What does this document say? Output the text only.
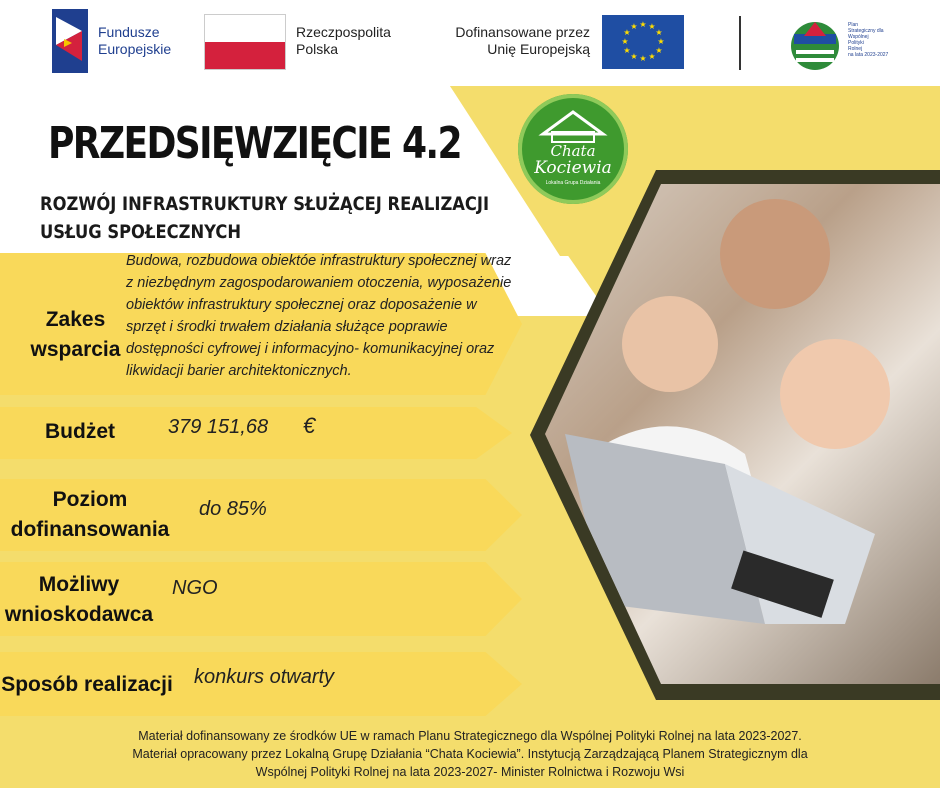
Fundusze
Europejskie
Rzeczpospolita
Polska
Dofinansowane przez
Unię Europejską
★ ★
★
★
★
★
★
★
★
★
★
★	Plan
Strategiczny dla
Wspólnej
Polityki
Rolnej
na lata 2023-2027
Chata
Kociewia
Lokalna Grupa Działania
PRZEDSIĘWZIĘCIE 4.2
ROZWÓJ INFRASTRUKTURY SŁUŻĄCEJ REALIZACJI USŁUG SPOŁECZNYCH
Zakes
wsparcia
Budowa, rozbudowa obiektóe infrastruktury społecznej wraz z niezbędnym zagospodarowaniem otoczenia, wyposażenie obiektów infrastruktury społecznej oraz doposażenie w sprzęt i środki trwałem działania służące poprawie dostępności cyfrowej i informacyjno- komunikacyjnej oraz likwidacji barier architektonicznych.
Budżet	379 151,68 €
Poziom
dofinansowania
do 85%
Możliwy
wnioskodawca
NGO
Sposób realizacji konkurs otwarty
Materiał dofinansowany ze środków UE w ramach Planu Strategicznego dla Wspólnej Polityki Rolnej na lata 2023-2027.
Materiał opracowany przez Lokalną Grupę Działania “Chata Kociewia”. Instytucją Zarządzającą Planem Strategicznym dla
Wspólnej Polityki Rolnej na lata 2023-2027- Minister Rolnictwa i Rozwoju Wsi
